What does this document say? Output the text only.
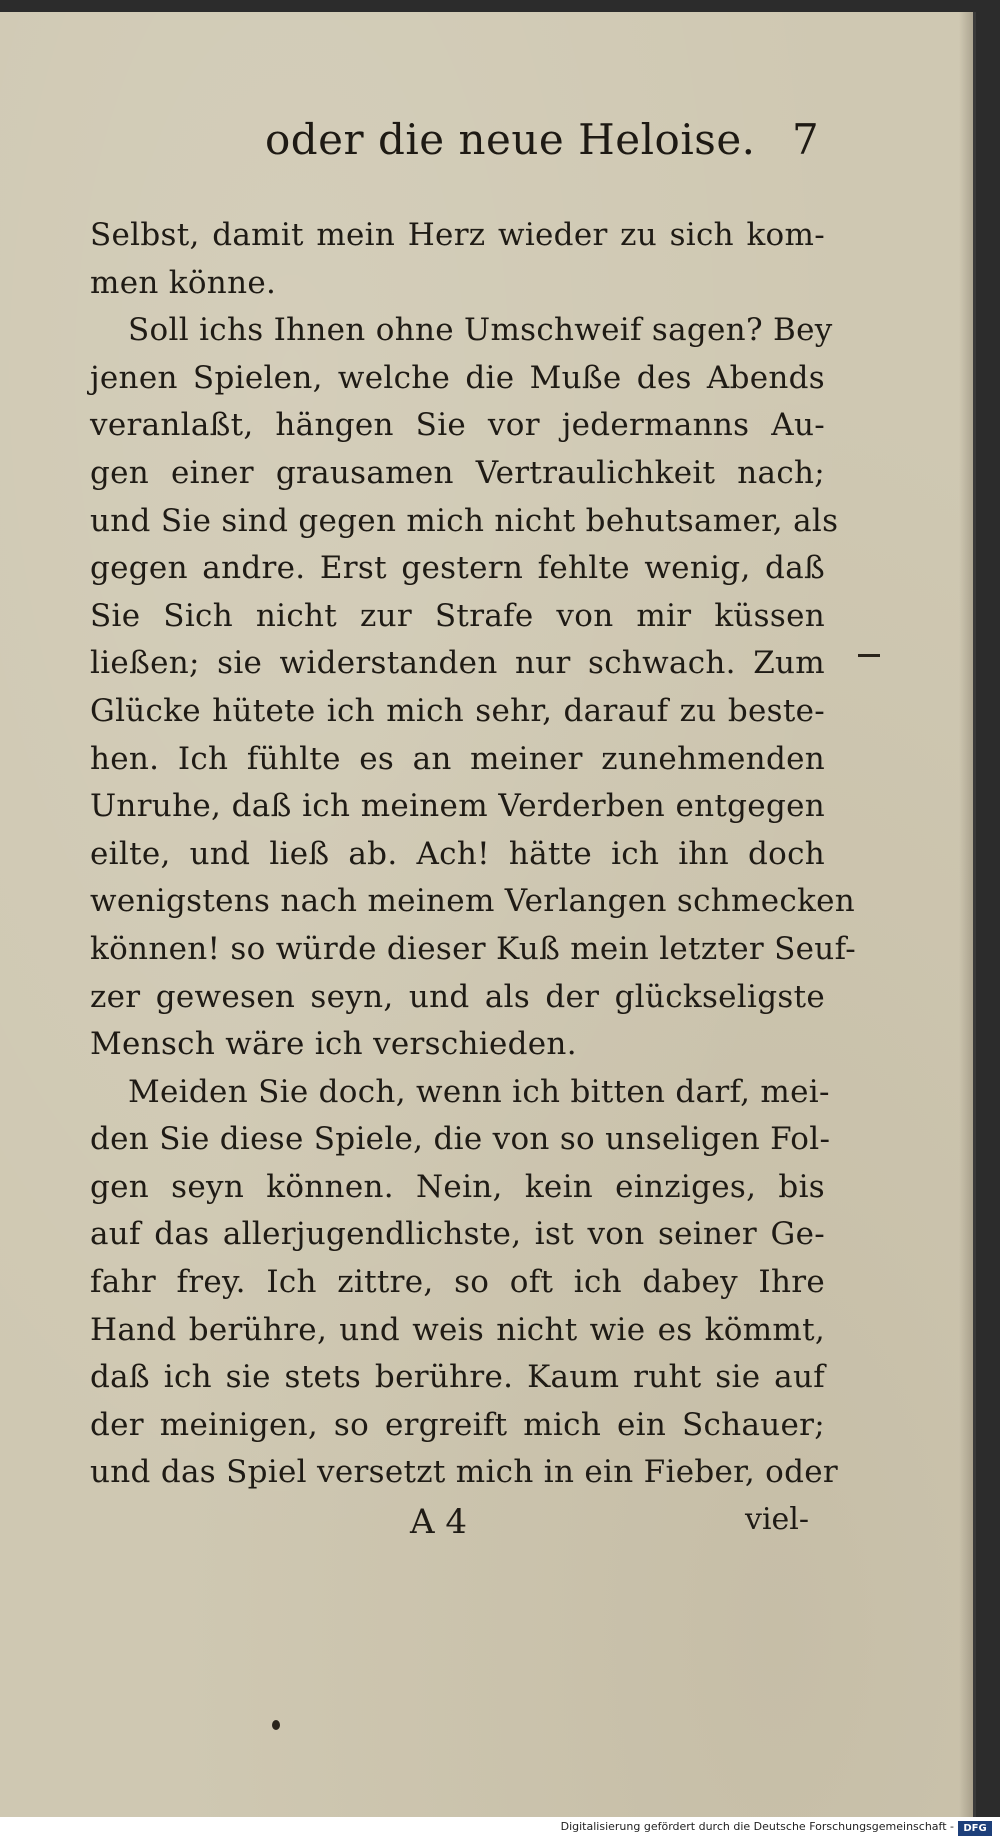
oder die neue Heloise. 7
Selbst, damit mein Herz wieder zu sich kom-
men könne.
Soll ichs Ihnen ohne Umschweif sagen? Bey
jenen Spielen, welche die Muße des Abends
veranlaßt, hängen Sie vor jedermanns Au-
gen einer grausamen Vertraulichkeit nach;
und Sie sind gegen mich nicht behutsamer, als
gegen andre. Erst gestern fehlte wenig, daß
Sie Sich nicht zur Strafe von mir küssen
ließen; sie widerstanden nur schwach. Zum
Glücke hütete ich mich sehr, darauf zu beste-
hen. Ich fühlte es an meiner zunehmenden
Unruhe, daß ich meinem Verderben entgegen
eilte, und ließ ab. Ach! hätte ich ihn doch
wenigstens nach meinem Verlangen schmecken
können! so würde dieser Kuß mein letzter Seuf-
zer gewesen seyn, und als der glückseligste
Mensch wäre ich verschieden.
Meiden Sie doch, wenn ich bitten darf, mei-
den Sie diese Spiele, die von so unseligen Fol-
gen seyn können. Nein, kein einziges, bis
auf das allerjugendlichste, ist von seiner Ge-
fahr frey. Ich zittre, so oft ich dabey Ihre
Hand berühre, und weis nicht wie es kömmt,
daß ich sie stets berühre. Kaum ruht sie auf
der meinigen, so ergreift mich ein Schauer;
und das Spiel versetzt mich in ein Fieber, oder
A 4	viel-
Digitalisierung gefördert durch die Deutsche Forschungsgemeinschaft - DFG
